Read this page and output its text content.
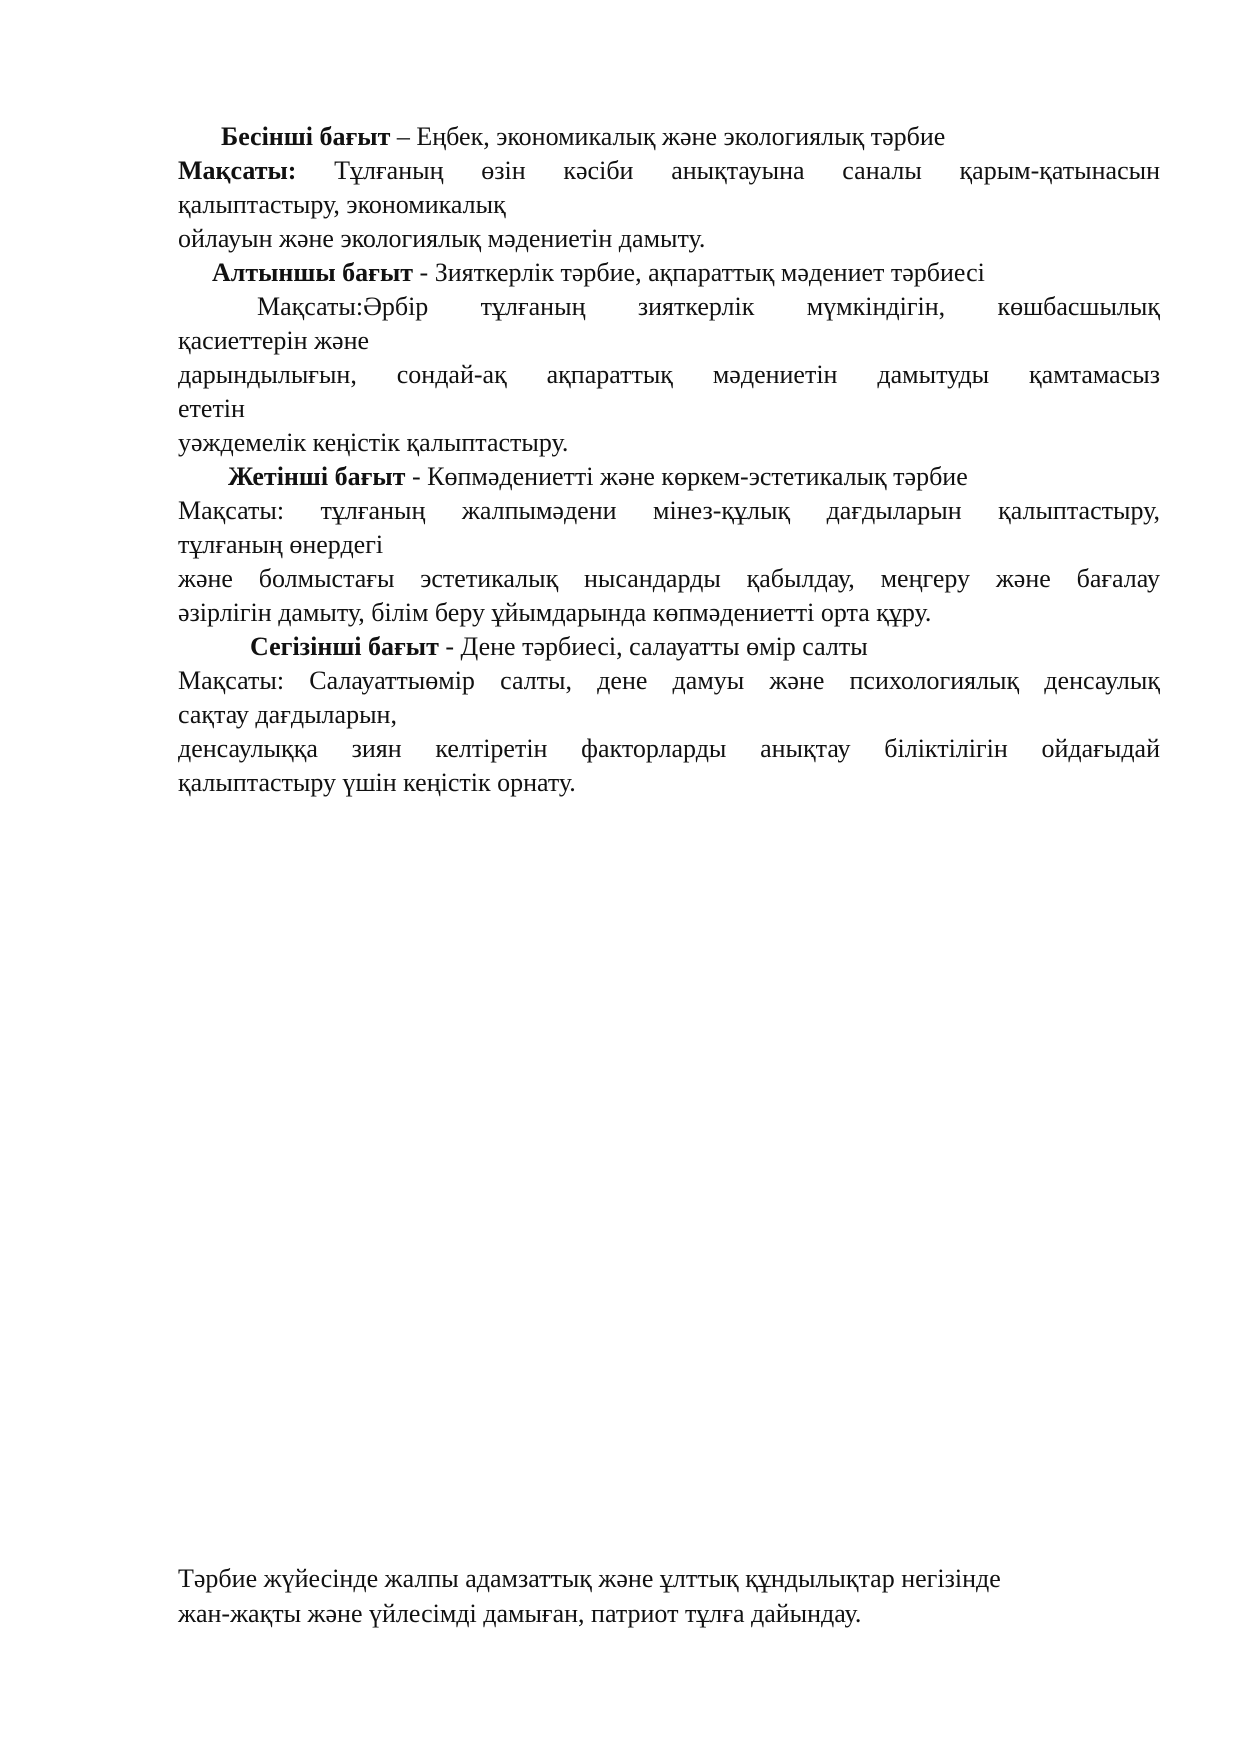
Бесінші бағыт – Еңбек, экономикалық және экологиялық тәрбие
Мақсаты: Тұлғаның өзін кәсіби анықтауына саналы қарым-қатынасын
қалыптастыру, экономикалық
ойлауын және экологиялық мәдениетін дамыту.
Алтыншы бағыт - Зияткерлік тәрбие, ақпараттық мәдениет тәрбиесі
Мақсаты:Әрбір тұлғаның зияткерлік мүмкіндігін, көшбасшылық
қасиеттерін және
дарындылығын, сондай-ақ ақпараттық мәдениетін дамытуды қамтамасыз
ететін
уәждемелік кеңістік қалыптастыру.
Жетінші бағыт - Көпмәдениетті және көркем-эстетикалық тәрбие
Мақсаты: тұлғаның жалпымәдени мінез-құлық дағдыларын қалыптастыру,
тұлғаның өнердегі
және болмыстағы эстетикалық нысандарды қабылдау, меңгеру және бағалау
әзірлігін дамыту, білім беру ұйымдарында көпмәдениетті орта құру.
Сегізінші бағыт - Дене тәрбиесі, салауатты өмір салты
Мақсаты: Салауаттыөмір салты, дене дамуы және психологиялық денсаулық
сақтау дағдыларын,
денсаулыққа зиян келтіретін факторларды анықтау біліктілігін ойдағыдай
қалыптастыру үшін кеңістік орнату.
Тәрбие жүйесінде жалпы адамзаттық және ұлттық құндылықтар негізінде
жан-жақты және үйлесімді дамыған, патриот тұлға дайындау.
